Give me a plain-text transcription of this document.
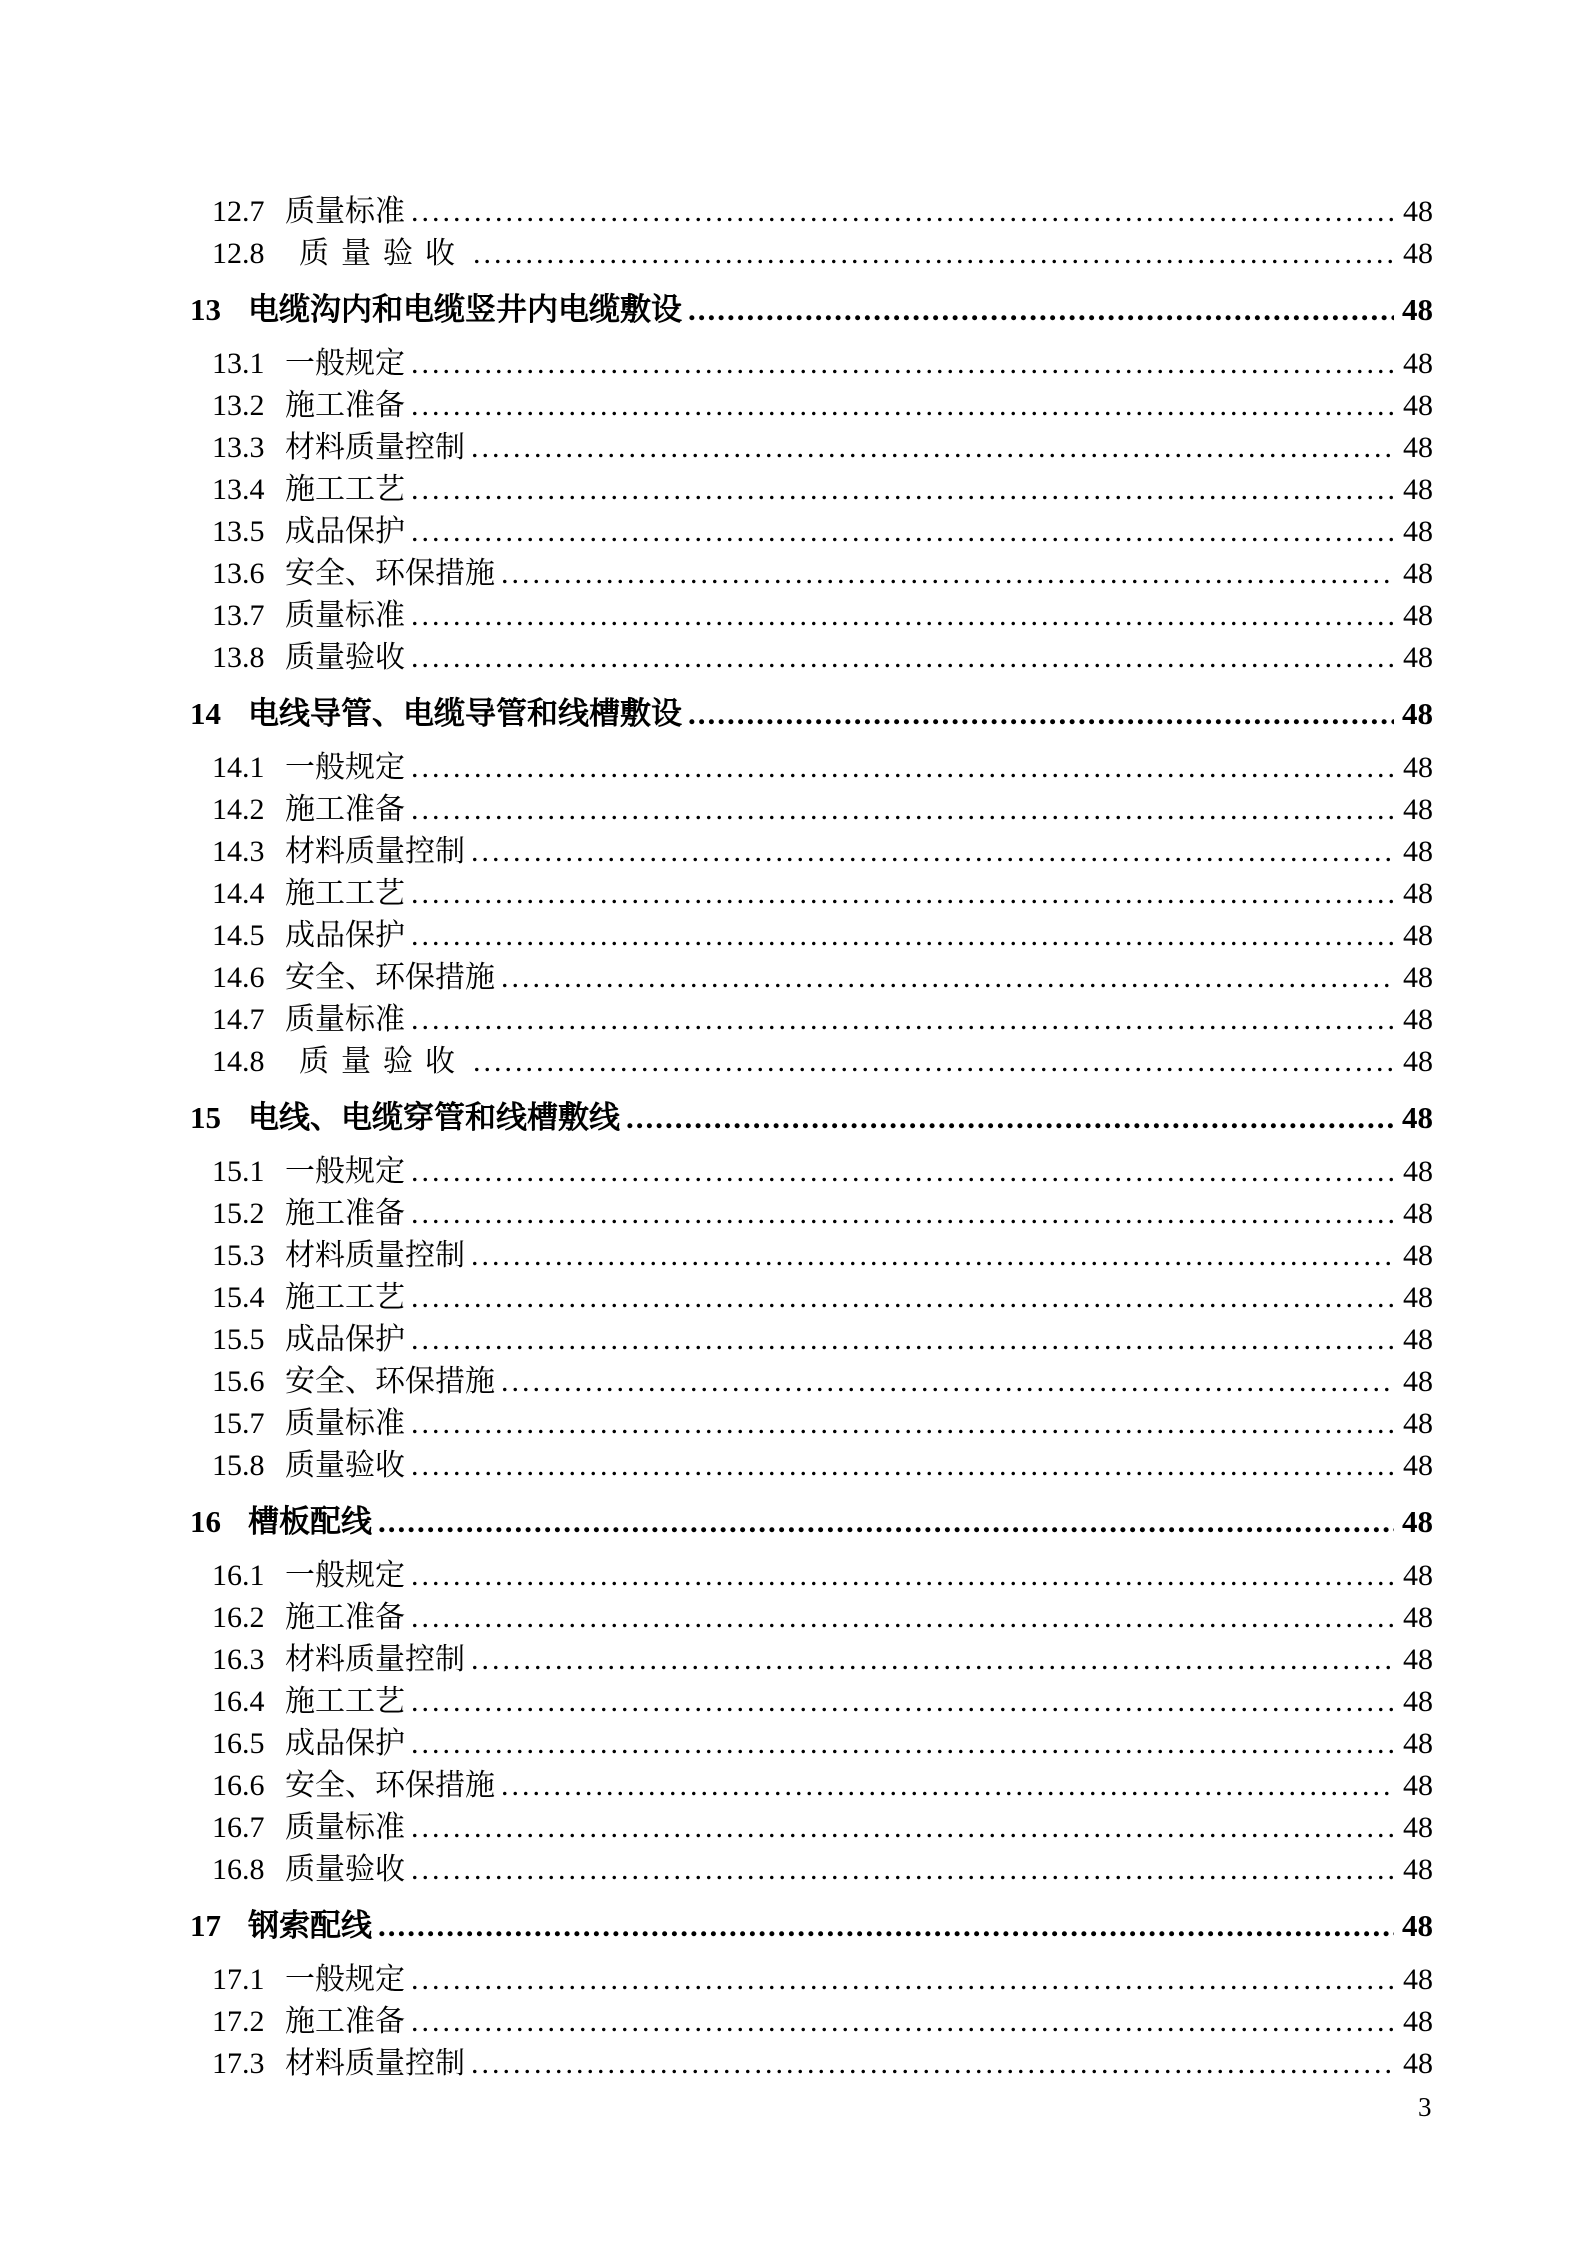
12.7 质量标准 .....	48
12.8	质量验收 .....	48
13 电缆沟内和电缆竖井内电缆敷设 .....	48
13.1 一般规定 .....	48
13.2 施工准备 .....	48
13.3 材料质量控制 .....	48
13.4 施工工艺 .....	48
13.5 成品保护 .....	48
13.6 安全、环保措施 .....	48
13.7 质量标准 .....	48
13.8 质量验收 .....	48
14 电线导管、电缆导管和线槽敷设 .....	48
14.1 一般规定 .....	48
14.2 施工准备 .....	48
14.3 材料质量控制 .....	48
14.4 施工工艺 .....	48
14.5 成品保护 .....	48
14.6 安全、环保措施 .....	48
14.7 质量标准 .....	48
14.8	质量验收 .....	48
15 电线、电缆穿管和线槽敷线 .....	48
15.1 一般规定 .....	48
15.2 施工准备 .....	48
15.3 材料质量控制 .....	48
15.4 施工工艺 .....	48
15.5 成品保护 .....	48
15.6 安全、环保措施 .....	48
15.7 质量标准 .....	48
15.8 质量验收 .....	48
16 槽板配线 .....	48
16.1 一般规定 .....	48
16.2 施工准备 .....	48
16.3 材料质量控制 .....	48
16.4 施工工艺 .....	48
16.5 成品保护 .....	48
16.6 安全、环保措施 .....	48
16.7 质量标准 .....	48
16.8 质量验收 .....	48
17 钢索配线 .....	48
17.1 一般规定 .....	48
17.2 施工准备 .....	48
17.3 材料质量控制 .....	48
3
